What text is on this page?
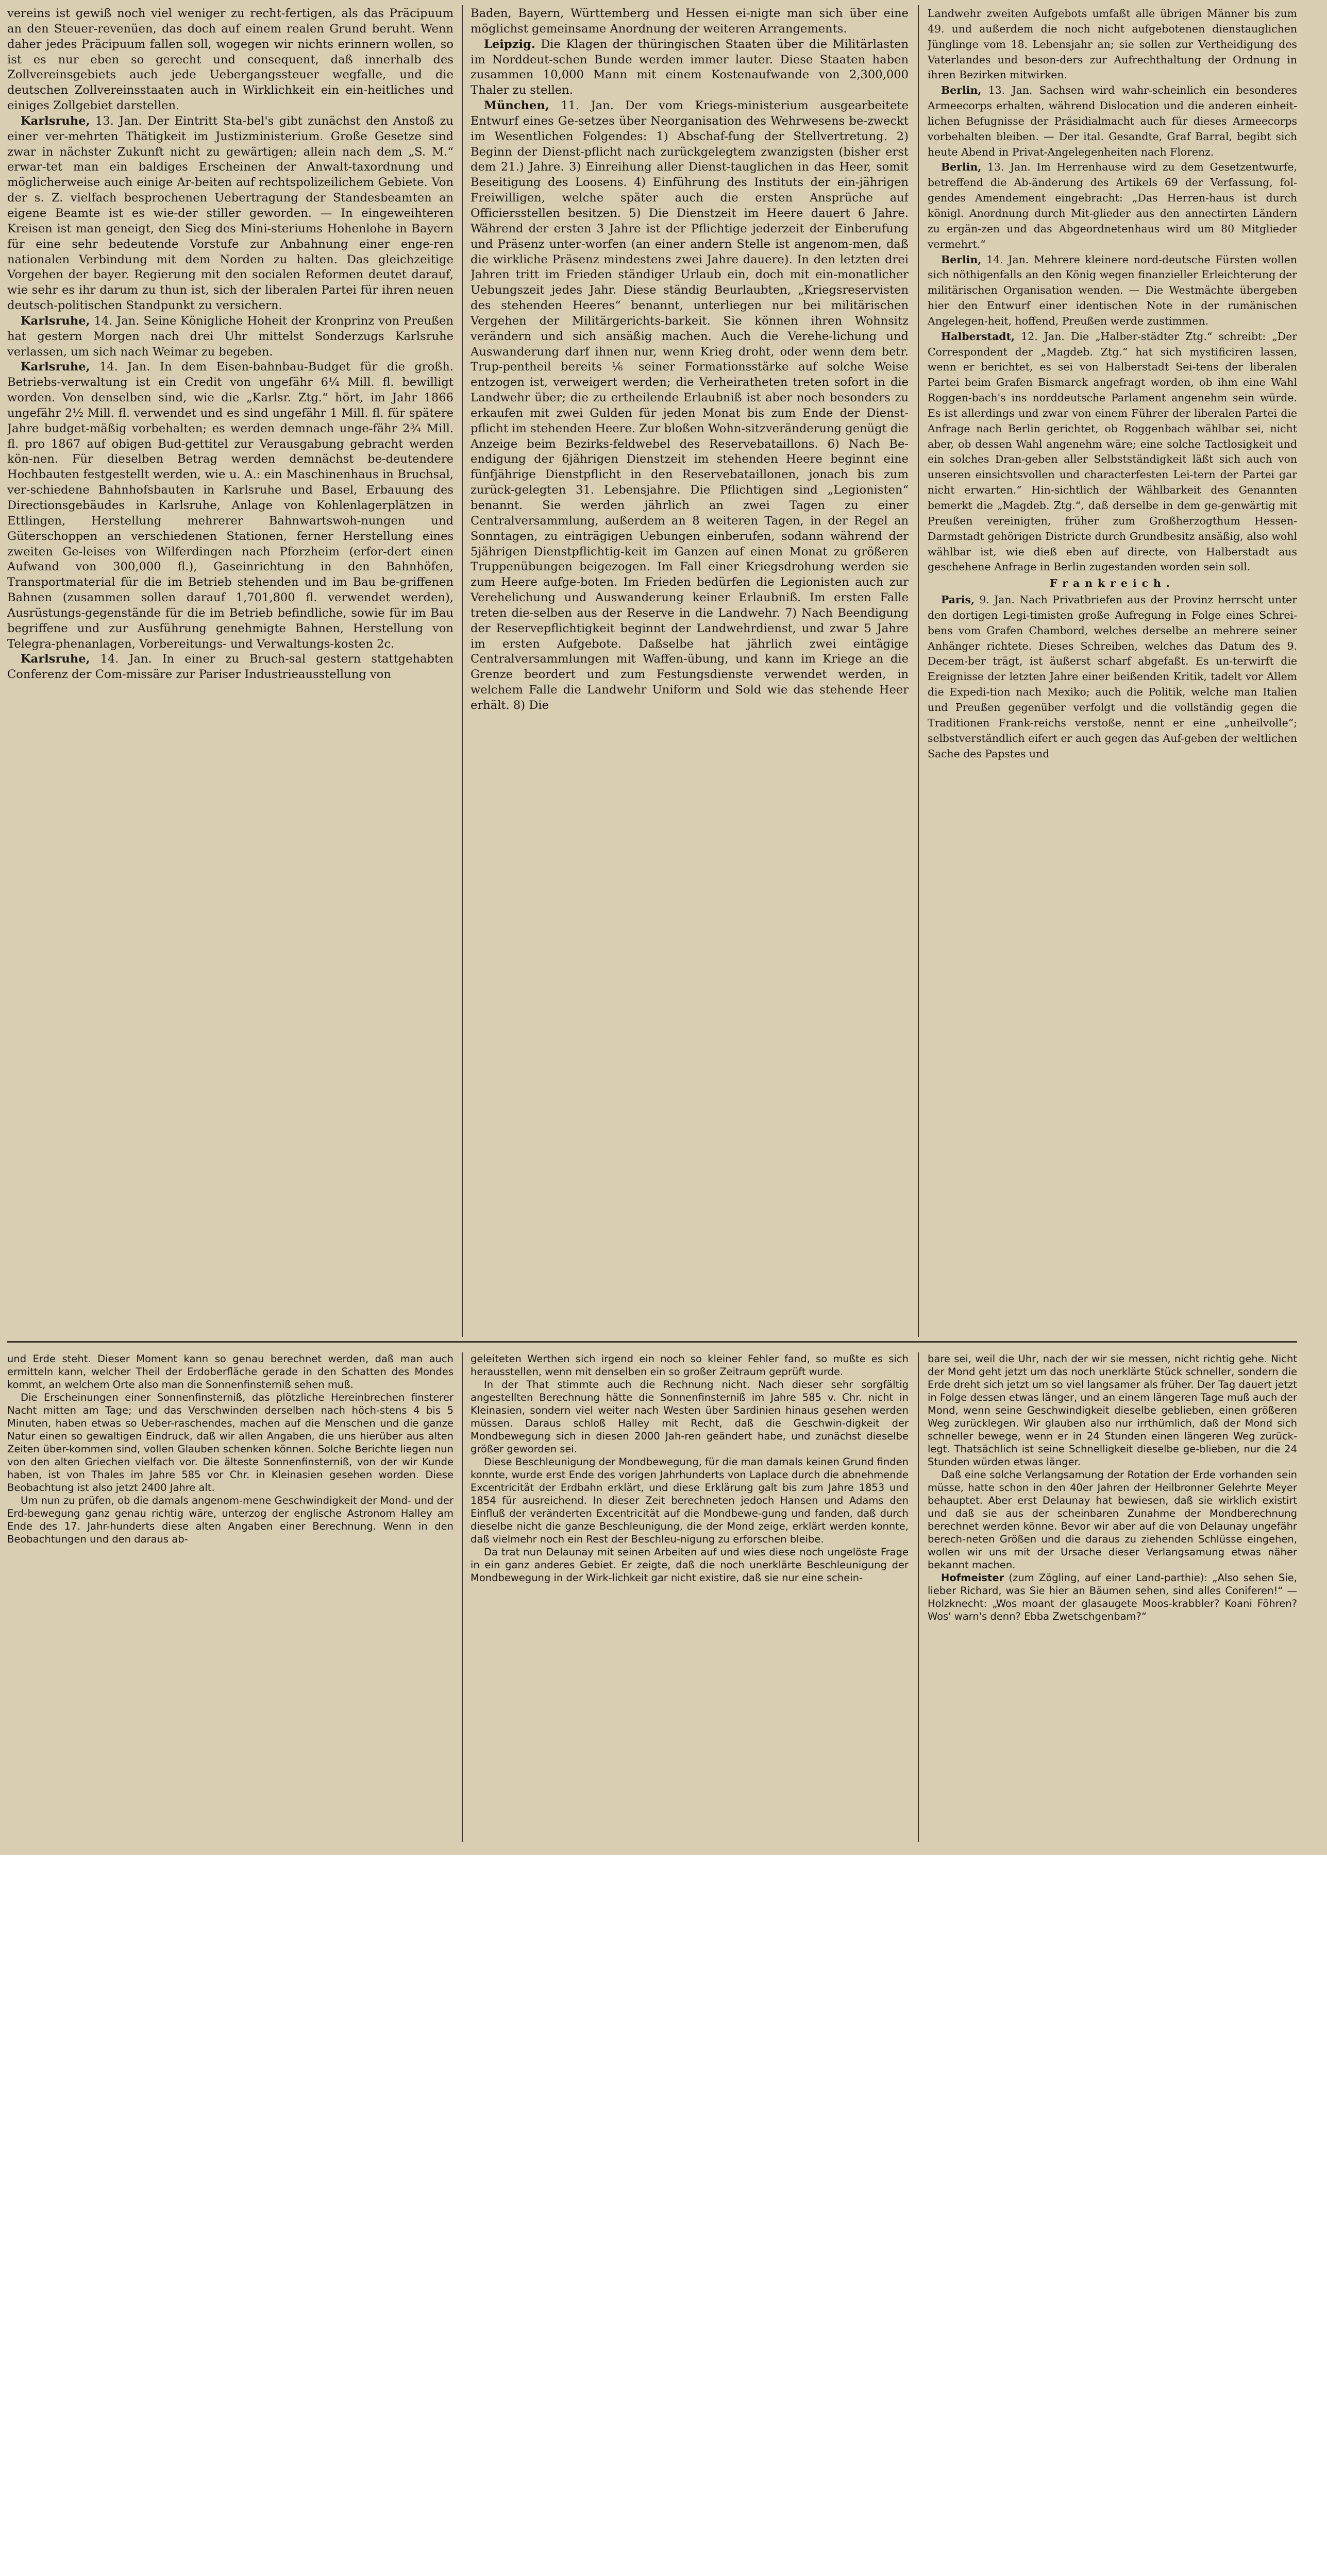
vereins ist gewiß noch viel weniger zu recht-fertigen, als das Präcipuum an den Steuer-revenüen, das doch auf einem realen Grund beruht. Wenn daher jedes Präcipuum fallen soll, wogegen wir nichts erinnern wollen, so ist es nur eben so gerecht und consequent, daß innerhalb des Zollvereinsgebiets auch jede Uebergangssteuer wegfalle, und die deutschen Zollvereinsstaaten auch in Wirklichkeit ein ein-heitliches und einiges Zollgebiet darstellen.

Karlsruhe, 13. Jan. Der Eintritt Sta-bel's gibt zunächst den Anstoß zu einer ver-mehrten Thätigkeit im Justizministerium. Große Gesetze sind zwar in nächster Zukunft nicht zu gewärtigen; allein nach dem „S. M.“ erwar-tet man ein baldiges Erscheinen der Anwalt-taxordnung und möglicherweise auch einige Ar-beiten auf rechtspolizeilichem Gebiete. Von der s. Z. vielfach besprochenen Uebertragung der Standesbeamten an eigene Beamte ist es wie-der stiller geworden. — In eingeweihteren Kreisen ist man geneigt, den Sieg des Mini-steriums Hohenlohe in Bayern für eine sehr bedeutende Vorstufe zur Anbahnung einer enge-ren nationalen Verbindung mit dem Norden zu halten. Das gleichzeitige Vorgehen der bayer. Regierung mit den socialen Reformen deutet darauf, wie sehr es ihr darum zu thun ist, sich der liberalen Partei für ihren neuen deutsch-politischen Standpunkt zu versichern.

Karlsruhe, 14. Jan. Seine Königliche Hoheit der Kronprinz von Preußen hat gestern Morgen nach drei Uhr mittelst Sonderzugs Karlsruhe verlassen, um sich nach Weimar zu begeben.

Karlsruhe, 14. Jan. In dem Eisen-bahnbau-Budget für die großh. Betriebs-verwaltung ist ein Credit von ungefähr 6¼ Mill. fl. bewilligt worden. Von denselben sind, wie die „Karlsr. Ztg.“ hört, im Jahr 1866 ungefähr 2½ Mill. fl. verwendet und es sind ungefähr 1 Mill. fl. für spätere Jahre budget-mäßig vorbehalten; es werden demnach unge-fähr 2¾ Mill. fl. pro 1867 auf obigen Bud-gettitel zur Verausgabung gebracht werden kön-nen. Für dieselben Betrag werden demnächst be-deutendere Hochbauten festgestellt werden, wie u. A.: ein Maschinenhaus in Bruchsal, ver-schiedene Bahnhofsbauten in Karlsruhe und Basel, Erbauung des Directionsgebäudes in Karlsruhe, Anlage von Kohlenlagerplätzen in Ettlingen, Herstellung mehrerer Bahnwartswoh-nungen und Güterschoppen an verschiedenen Stationen, ferner Herstellung eines zweiten Ge-leises von Wilferdingen nach Pforzheim (erfor-dert einen Aufwand von 300,000 fl.), Gaseinrichtung in den Bahnhöfen, Transportmaterial für die im Betrieb stehenden und im Bau be-griffenen Bahnen (zusammen sollen darauf 1,701,800 fl. verwendet werden), Ausrüstungs-gegenstände für die im Betrieb befindliche, sowie für im Bau begriffene und zur Ausführung genehmigte Bahnen, Herstellung von Telegra-phenanlagen, Vorbereitungs- und Verwaltungs-kosten 2c.

Karlsruhe, 14. Jan. In einer zu Bruch-sal gestern stattgehabten Conferenz der Com-missäre zur Pariser Industrieausstellung von

Baden, Bayern, Württemberg und Hessen ei-nigte man sich über eine möglichst gemeinsame Anordnung der weiteren Arrangements.

Leipzig. Die Klagen der thüringischen Staaten über die Militärlasten im Norddeut-schen Bunde werden immer lauter. Diese Staaten haben zusammen 10,000 Mann mit einem Kostenaufwande von 2,300,000 Thaler zu stellen.

München, 11. Jan. Der vom Kriegs-ministerium ausgearbeitete Entwurf eines Ge-setzes über Neorganisation des Wehrwesens be-zweckt im Wesentlichen Folgendes: 1) Abschaf-fung der Stellvertretung. 2) Beginn der Dienst-pflicht nach zurückgelegtem zwanzigsten (bisher erst dem 21.) Jahre. 3) Einreihung aller Dienst-tauglichen in das Heer, somit Beseitigung des Loosens. 4) Einführung des Instituts der ein-jährigen Freiwilligen, welche später auch die ersten Ansprüche auf Officiersstellen besitzen. 5) Die Dienstzeit im Heere dauert 6 Jahre. Während der ersten 3 Jahre ist der Pflichtige jederzeit der Einberufung und Präsenz unter-worfen (an einer andern Stelle ist angenom-men, daß die wirkliche Präsenz mindestens zwei Jahre dauere). In den letzten drei Jahren tritt im Frieden ständiger Urlaub ein, doch mit ein-monatlicher Uebungszeit jedes Jahr. Diese ständig Beurlaubten, „Kriegsreservisten des stehenden Heeres“ benannt, unterliegen nur bei militärischen Vergehen der Militärgerichts-barkeit. Sie können ihren Wohnsitz verändern und sich ansäßig machen. Auch die Verehe-lichung und Auswanderung darf ihnen nur, wenn Krieg droht, oder wenn dem betr. Trup-pentheil bereits ⅙ seiner Formationsstärke auf solche Weise entzogen ist, verweigert werden; die Verheiratheten treten sofort in die Landwehr über; die zu ertheilende Erlaubniß ist aber noch besonders zu erkaufen mit zwei Gulden für jeden Monat bis zum Ende der Dienst-pflicht im stehenden Heere. Zur bloßen Wohn-sitzveränderung genügt die Anzeige beim Bezirks-feldwebel des Reservebataillons. 6) Nach Be-endigung der 6jährigen Dienstzeit im stehenden Heere beginnt eine fünfjährige Dienstpflicht in den Reservebataillonen, jonach bis zum zurück-gelegten 31. Lebensjahre. Die Pflichtigen sind „Legionisten“ benannt. Sie werden jährlich an zwei Tagen zu einer Centralversammlung, außerdem an 8 weiteren Tagen, in der Regel an Sonntagen, zu einträgigen Uebungen einberufen, sodann während der 5jährigen Dienstpflichtig-keit im Ganzen auf einen Monat zu größeren Truppenübungen beigezogen. Im Fall einer Kriegsdrohung werden sie zum Heere aufge-boten. Im Frieden bedürfen die Legionisten auch zur Verehelichung und Auswanderung keiner Erlaubniß. Im ersten Falle treten die-selben aus der Reserve in die Landwehr. 7) Nach Beendigung der Reservepflichtigkeit beginnt der Landwehrdienst, und zwar 5 Jahre im ersten Aufgebote. Daßselbe hat jährlich zwei eintägige Centralversammlungen mit Waffen-übung, und kann im Kriege an die Grenze beordert und zum Festungsdienste verwendet werden, in welchem Falle die Landwehr Uniform und Sold wie das stehende Heer erhält. 8) Die

Landwehr zweiten Aufgebots umfaßt alle übrigen Männer bis zum 49. und außerdem die noch nicht aufgebotenen dienstauglichen Jünglinge vom 18. Lebensjahr an; sie sollen zur Vertheidigung des Vaterlandes und beson-ders zur Aufrechthaltung der Ordnung in ihren Bezirken mitwirken.

Berlin, 13. Jan. Sachsen wird wahr-scheinlich ein besonderes Armeecorps erhalten, während Dislocation und die anderen einheit-lichen Befugnisse der Präsidialmacht auch für dieses Armeecorps vorbehalten bleiben. — Der ital. Gesandte, Graf Barral, begibt sich heute Abend in Privat-Angelegenheiten nach Florenz.

Berlin, 13. Jan. Im Herrenhause wird zu dem Gesetzentwurfe, betreffend die Ab-änderung des Artikels 69 der Verfassung, fol-gendes Amendement eingebracht: „Das Herren-haus ist durch königl. Anordnung durch Mit-glieder aus den annectirten Ländern zu ergän-zen und das Abgeordnetenhaus wird um 80 Mitglieder vermehrt.“

Berlin, 14. Jan. Mehrere kleinere nord-deutsche Fürsten wollen sich nöthigenfalls an den König wegen finanzieller Erleichterung der militärischen Organisation wenden. — Die Westmächte übergeben hier den Entwurf einer identischen Note in der rumänischen Angelegen-heit, hoffend, Preußen werde zustimmen.

Halberstadt, 12. Jan. Die „Halber-städter Ztg.“ schreibt: „Der Correspondent der „Magdeb. Ztg.“ hat sich mystificiren lassen, wenn er berichtet, es sei von Halberstadt Sei-tens der liberalen Partei beim Grafen Bismarck angefragt worden, ob ihm eine Wahl Roggen-bach's ins norddeutsche Parlament angenehm sein würde. Es ist allerdings und zwar von einem Führer der liberalen Partei die Anfrage nach Berlin gerichtet, ob Roggenbach wählbar sei, nicht aber, ob dessen Wahl angenehm wäre; eine solche Tactlosigkeit und ein solches Dran-geben aller Selbstständigkeit läßt sich auch von unseren einsichtsvollen und characterfesten Lei-tern der Partei gar nicht erwarten.“ Hin-sichtlich der Wählbarkeit des Genannten bemerkt die „Magdeb. Ztg.“, daß derselbe in dem ge-genwärtig mit Preußen vereinigten, früher zum Großherzogthum Hessen-Darmstadt gehörigen Districte durch Grundbesitz ansäßig, also wohl wählbar ist, wie dieß eben auf directe, von Halberstadt aus geschehene Anfrage in Berlin zugestanden worden sein soll.

Frankreich.

Paris, 9. Jan. Nach Privatbriefen aus der Provinz herrscht unter den dortigen Legi-timisten große Aufregung in Folge eines Schrei-bens vom Grafen Chambord, welches derselbe an mehrere seiner Anhänger richtete. Dieses Schreiben, welches das Datum des 9. Decem-ber trägt, ist äußerst scharf abgefaßt. Es un-terwirft die Ereignisse der letzten Jahre einer beißenden Kritik, tadelt vor Allem die Expedi-tion nach Mexiko; auch die Politik, welche man Italien und Preußen gegenüber verfolgt und die vollständig gegen die Traditionen Frank-reichs verstoße, nennt er eine „unheilvolle“; selbstverständlich eifert er auch gegen das Auf-geben der weltlichen Sache des Papstes und

und Erde steht. Dieser Moment kann so genau berechnet werden, daß man auch ermitteln kann, welcher Theil der Erdoberfläche gerade in den Schatten des Mondes kommt, an welchem Orte also man die Sonnenfinsterniß sehen muß.

Die Erscheinungen einer Sonnenfinsterniß, das plötzliche Hereinbrechen finsterer Nacht mitten am Tage; und das Verschwinden derselben nach höch-stens 4 bis 5 Minuten, haben etwas so Ueber-raschendes, machen auf die Menschen und die ganze Natur einen so gewaltigen Eindruck, daß wir allen Angaben, die uns hierüber aus alten Zeiten über-kommen sind, vollen Glauben schenken können. Solche Berichte liegen nun von den alten Griechen vielfach vor. Die älteste Sonnenfinsterniß, von der wir Kunde haben, ist von Thales im Jahre 585 vor Chr. in Kleinasien gesehen worden. Diese Beobachtung ist also jetzt 2400 Jahre alt.

Um nun zu prüfen, ob die damals angenom-mene Geschwindigkeit der Mond- und der Erd-bewegung ganz genau richtig wäre, unterzog der englische Astronom Halley am Ende des 17. Jahr-hunderts diese alten Angaben einer Berechnung. Wenn in den Beobachtungen und den daraus ab-

geleiteten Werthen sich irgend ein noch so kleiner Fehler fand, so mußte es sich herausstellen, wenn mit denselben ein so großer Zeitraum geprüft wurde.

In der That stimmte auch die Rechnung nicht. Nach dieser sehr sorgfältig angestellten Berechnung hätte die Sonnenfinsterniß im Jahre 585 v. Chr. nicht in Kleinasien, sondern viel weiter nach Westen über Sardinien hinaus gesehen werden müssen. Daraus schloß Halley mit Recht, daß die Geschwin-digkeit der Mondbewegung sich in diesen 2000 Jah-ren geändert habe, und zunächst dieselbe größer geworden sei.

Diese Beschleunigung der Mondbewegung, für die man damals keinen Grund finden konnte, wurde erst Ende des vorigen Jahrhunderts von Laplace durch die abnehmende Excentricität der Erdbahn erklärt, und diese Erklärung galt bis zum Jahre 1853 und 1854 für ausreichend. In dieser Zeit berechneten jedoch Hansen und Adams den Einfluß der veränderten Excentricität auf die Mondbewe-gung und fanden, daß durch dieselbe nicht die ganze Beschleunigung, die der Mond zeige, erklärt werden konnte, daß vielmehr noch ein Rest der Beschleu-nigung zu erforschen bleibe.

Da trat nun Delaunay mit seinen Arbeiten auf und wies diese noch ungelöste Frage in ein ganz anderes Gebiet. Er zeigte, daß die noch unerklärte Beschleunigung der Mondbewegung in der Wirk-lichkeit gar nicht existire, daß sie nur eine schein-

bare sei, weil die Uhr, nach der wir sie messen, nicht richtig gehe. Nicht der Mond geht jetzt um das noch unerklärte Stück schneller, sondern die Erde dreht sich jetzt um so viel langsamer als früher. Der Tag dauert jetzt in Folge dessen etwas länger, und an einem längeren Tage muß auch der Mond, wenn seine Geschwindigkeit dieselbe geblieben, einen größeren Weg zurücklegen. Wir glauben also nur irrthümlich, daß der Mond sich schneller bewege, wenn er in 24 Stunden einen längeren Weg zurück-legt. Thatsächlich ist seine Schnelligkeit dieselbe ge-blieben, nur die 24 Stunden würden etwas länger.

Daß eine solche Verlangsamung der Rotation der Erde vorhanden sein müsse, hatte schon in den 40er Jahren der Heilbronner Gelehrte Meyer behauptet. Aber erst Delaunay hat bewiesen, daß sie wirklich existirt und daß sie aus der scheinbaren Zunahme der Mondberechnung berechnet werden könne. Bevor wir aber auf die von Delaunay ungefähr berech-neten Größen und die daraus zu ziehenden Schlüsse eingehen, wollen wir uns mit der Ursache dieser Verlangsamung etwas näher bekannt machen.

Hofmeister (zum Zögling, auf einer Land-parthie): „Also sehen Sie, lieber Richard, was Sie hier an Bäumen sehen, sind alles Coniferen!“ — Holzknecht: „Wos moant der glasaugete Moos-krabbler? Koani Föhren? Wos' warn's denn? Ebba Zwetschgenbam?“
